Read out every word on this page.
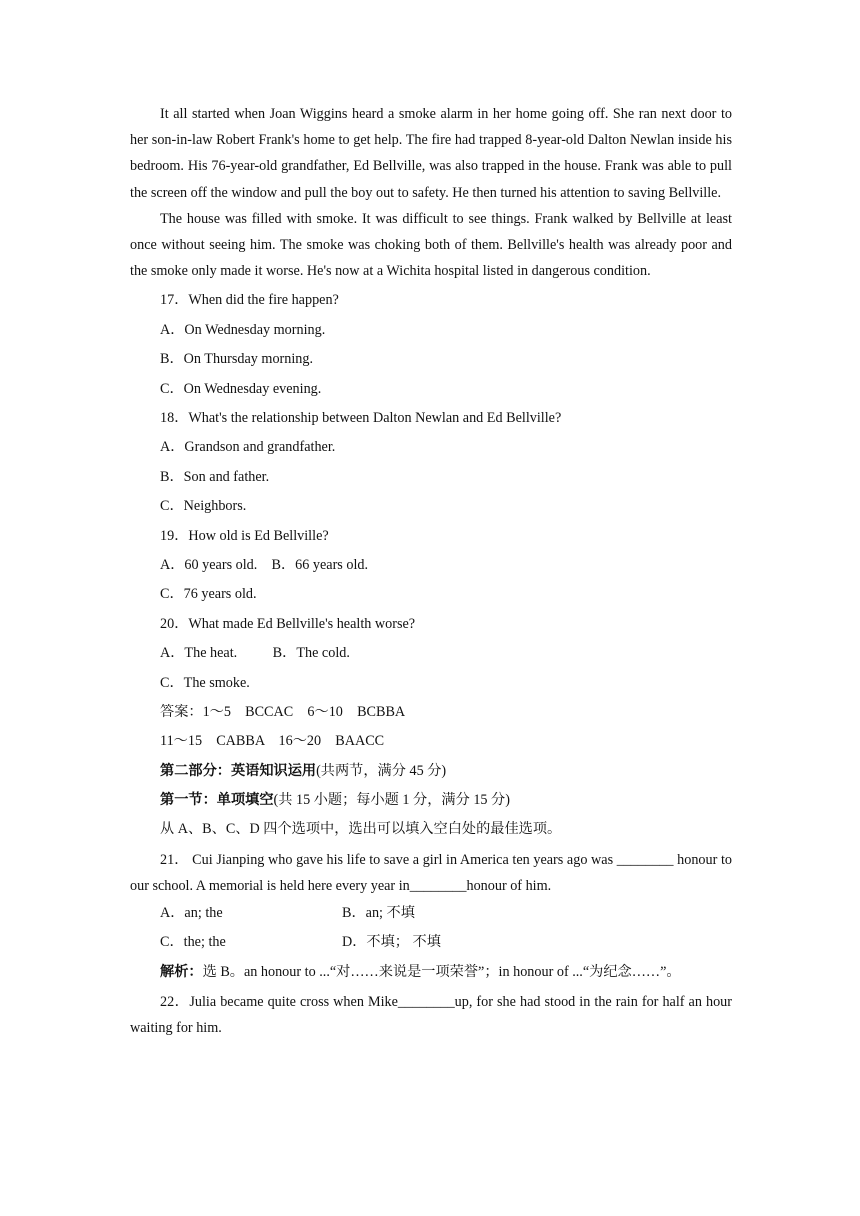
It all started when Joan Wiggins heard a smoke alarm in her home going off. She ran next door to her son-in-law Robert Frank's home to get help. The fire had trapped 8-year-old Dalton Newlan inside his bedroom. His 76-year-old grandfather, Ed Bellville, was also trapped in the house. Frank was able to pull the screen off the window and pull the boy out to safety. He then turned his attention to saving Bellville.

The house was filled with smoke. It was difficult to see things. Frank walked by Bellville at least once without seeing him. The smoke was choking both of them. Bellville's health was already poor and the smoke only made it worse. He's now at a Wichita hospital listed in dangerous condition.

17．When did the fire happen?
A．On Wednesday morning.
B．On Thursday morning.
C．On Wednesday evening.
18．What's the relationship between Dalton Newlan and Ed Bellville?
A．Grandson and grandfather.
B．Son and father.
C．Neighbors.
19．How old is Ed Bellville?
A．60 years old.    B．66 years old.
C．76 years old.
20．What made Ed Bellville's health worse?
A．The heat.          B．The cold.
C．The smoke.
答案：1～5    BCCAC    6～10    BCBBA
11～15    CABBA    16～20    BAACC
第二部分：英语知识运用(共两节，满分 45 分)
第一节：单项填空(共 15 小题；每小题 1 分，满分 15 分)
从 A、B、C、D 四个选项中，选出可以填入空白处的最佳选项。

21． Cui Jianping who gave his life to save a girl in America ten years ago was ________ honour to our school. A memorial is held here every year in________honour of him.

A．an; the	B．an; 不填
C．the; the	D．不填； 不填
解析：选 B。an honour to ...“对……来说是一项荣誉”；in honour of ...“为纪念……”。

22．Julia became quite cross when Mike________up, for she had stood in the rain for half an hour waiting for him.
